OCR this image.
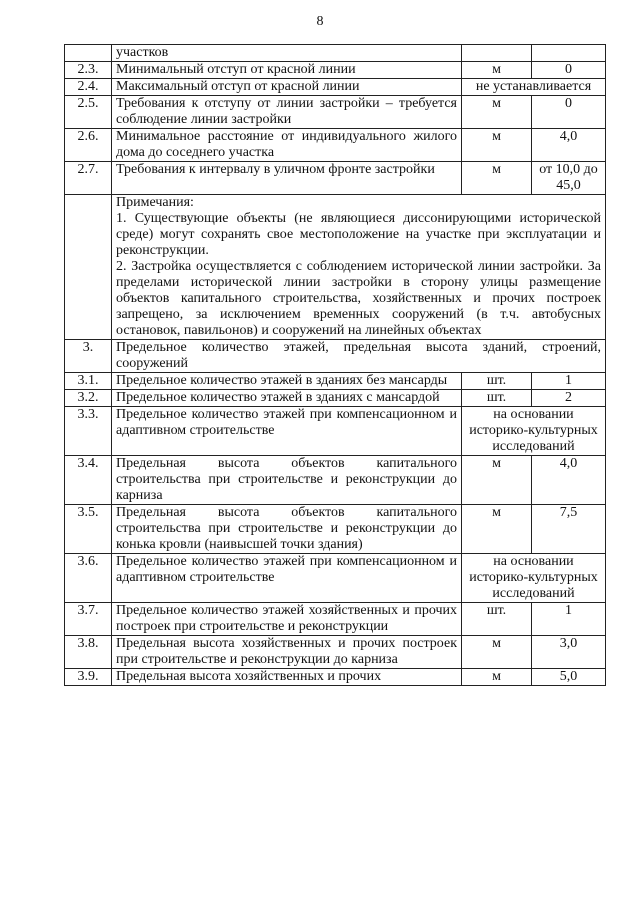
8
	участков		
2.3.	Минимальный отступ от красной линии	м	0
2.4.	Максимальный отступ от красной линии	не устанавливается	
2.5.	Требования к отступу от линии застройки – требуется соблюдение линии застройки	м	0
2.6.	Минимальное расстояние от индивидуального жилого дома до соседнего участка	м	4,0
2.7.	Требования к интервалу в уличном фронте застройки	м	от 10,0 до 45,0

	Примечания:
1. Существующие объекты (не являющиеся диссонирующими исторической среде) могут сохранять свое местоположение на участке при эксплуатации и реконструкции.
2. Застройка осуществляется с соблюдением исторической линии застройки. За пределами исторической линии застройки в сторону улицы размещение объектов капитального строительства, хозяйственных и прочих построек запрещено, за исключением временных сооружений (в т.ч. автобусных остановок, павильонов) и сооружений на линейных объектах		

3.	Предельное количество этажей, предельная высота зданий, строений, сооружений		
3.1.	Предельное количество этажей в зданиях без мансарды	шт.	1
3.2.	Предельное количество этажей в зданиях с мансардой	шт.	2
3.3.	Предельное количество этажей при компенсационном и адаптивном строительстве	на основании историко-культурных исследований	
3.4.	Предельная высота объектов капитального строительства при строительстве и реконструкции до карниза	м	4,0
3.5.	Предельная высота объектов капитального строительства при строительстве и реконструкции до конька кровли (наивысшей точки здания)	м	7,5
3.6.	Предельное количество этажей при компенсационном и адаптивном строительстве	на основании историко-культурных исследований	
3.7.	Предельное количество этажей хозяйственных и прочих построек при строительстве и реконструкции	шт.	1
3.8.	Предельная высота хозяйственных и прочих построек при строительстве и реконструкции до карниза	м	3,0
3.9.	Предельная высота хозяйственных и прочих	м	5,0
